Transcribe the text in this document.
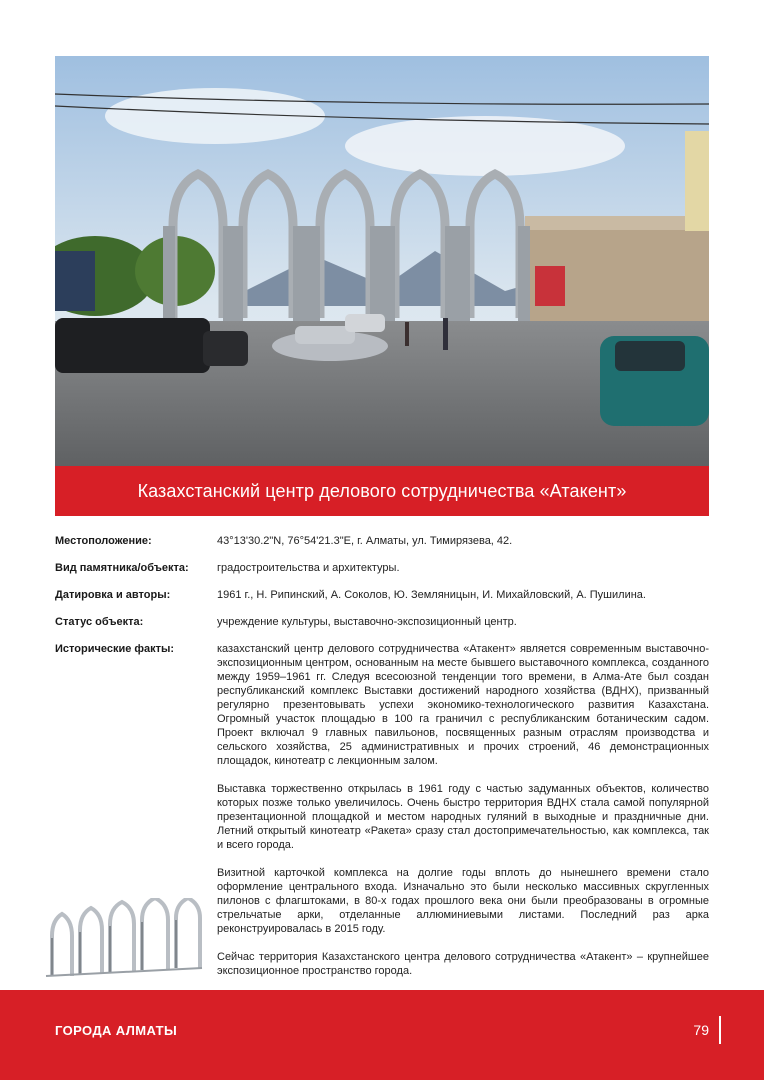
Казахстанский центр делового сотрудничества «Атакент»
Местоположение:	43°13'30.2"N, 76°54'21.3"E, г. Алматы, ул. Тимирязева, 42.
Вид памятника/объекта:	градостроительства и архитектуры.
Датировка и авторы:	1961 г., Н. Рипинский, А. Соколов, Ю. Земляницын, И. Михайловский, А. Пушилина.
Статус объекта:	учреждение культуры, выставочно-экспозиционный центр.
Исторические факты:	казахстанский центр делового сотрудничества «Атакент» является современным выставочно-экспозиционным центром, основанным на месте бывшего выставочного комплекса, созданного между 1959–1961 гг. Следуя всесоюзной тенденции того времени, в Алма-Ате был создан республиканский комплекс Выставки достижений народного хозяйства (ВДНХ), призванный регулярно презентовывать успехи экономико-технологического развития Казахстана. Огромный участок площадью в 100 га граничил с республиканским ботаническим садом. Проект включал 9 главных павильонов, посвященных разным отраслям производства и сельского хозяйства, 25 административных и прочих строений, 46 демонстрационных площадок, кинотеатр с лекционным залом.

Выставка торжественно открылась в 1961 году с частью задуманных объектов, количество которых позже только увеличилось. Очень быстро территория ВДНХ стала самой популярной презентационной площадкой и местом народных гуляний в выходные и праздничные дни. Летний открытый кинотеатр «Ракета» сразу стал достопримечательностью, как комплекса, так и всего города.

Визитной карточкой комплекса на долгие годы вплоть до нынешнего времени стало оформление центрального входа. Изначально это были несколько массивных скругленных пилонов с флагштоками, в 80-х годах прошлого века они были преобразованы в огромные стрельчатые арки, отделанные аллюминиевыми листами. Последний раз арка реконструировалась в 2015 году.

Сейчас территория Казахстанского центра делового сотрудничества «Атакент» – крупнейшее экспозиционное пространство города.

ГОРОДА АЛМАТЫ	79
